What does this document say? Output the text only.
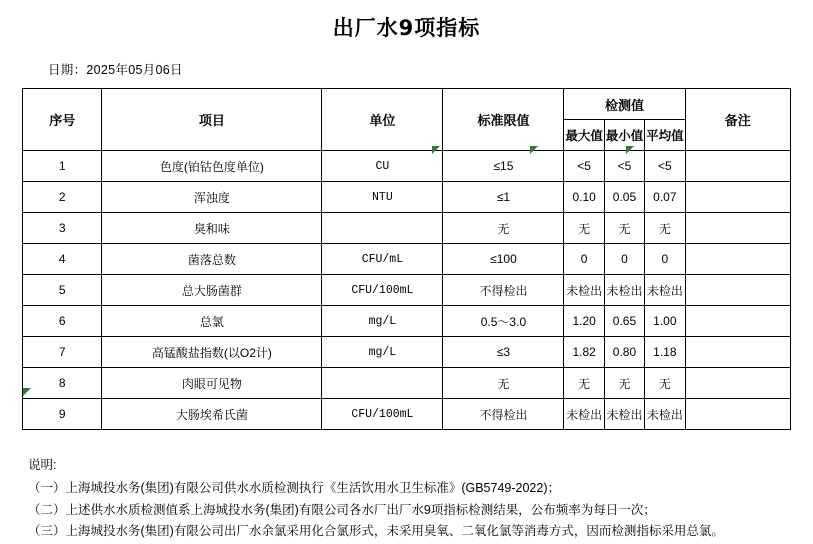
出厂水9项指标
日期：2025年05月06日
序号	项目	单位	标准限值	检测值			备注
				最大值	最小值	平均值	
1	色度(铂钴色度单位)	CU	≤15	<5	<5	<5	
2	浑浊度	NTU	≤1	0.10	0.05	0.07	
3	臭和味		无	无	无	无	
4	菌落总数	CFU/mL	≤100	0	0	0	
5	总大肠菌群	CFU/100mL	不得检出	未检出	未检出	未检出	
6	总氯	mg/L	0.5～3.0	1.20	0.65	1.00	
7	高锰酸盐指数(以O2计)	mg/L	≤3	1.82	0.80	1.18	
8	肉眼可见物		无	无	无	无	
9	大肠埃希氏菌	CFU/100mL	不得检出	未检出	未检出	未检出	
说明:

（一）上海城投水务(集团)有限公司供水水质检测执行《生活饮用水卫生标准》(GB5749-2022)；

（二）上述供水水质检测值系上海城投水务(集团)有限公司各水厂出厂水9项指标检测结果，公布频率为每日一次；

（三）上海城投水务(集团)有限公司出厂水余氯采用化合氯形式，未采用臭氧、二氧化氯等消毒方式，因而检测指标采用总氯。
